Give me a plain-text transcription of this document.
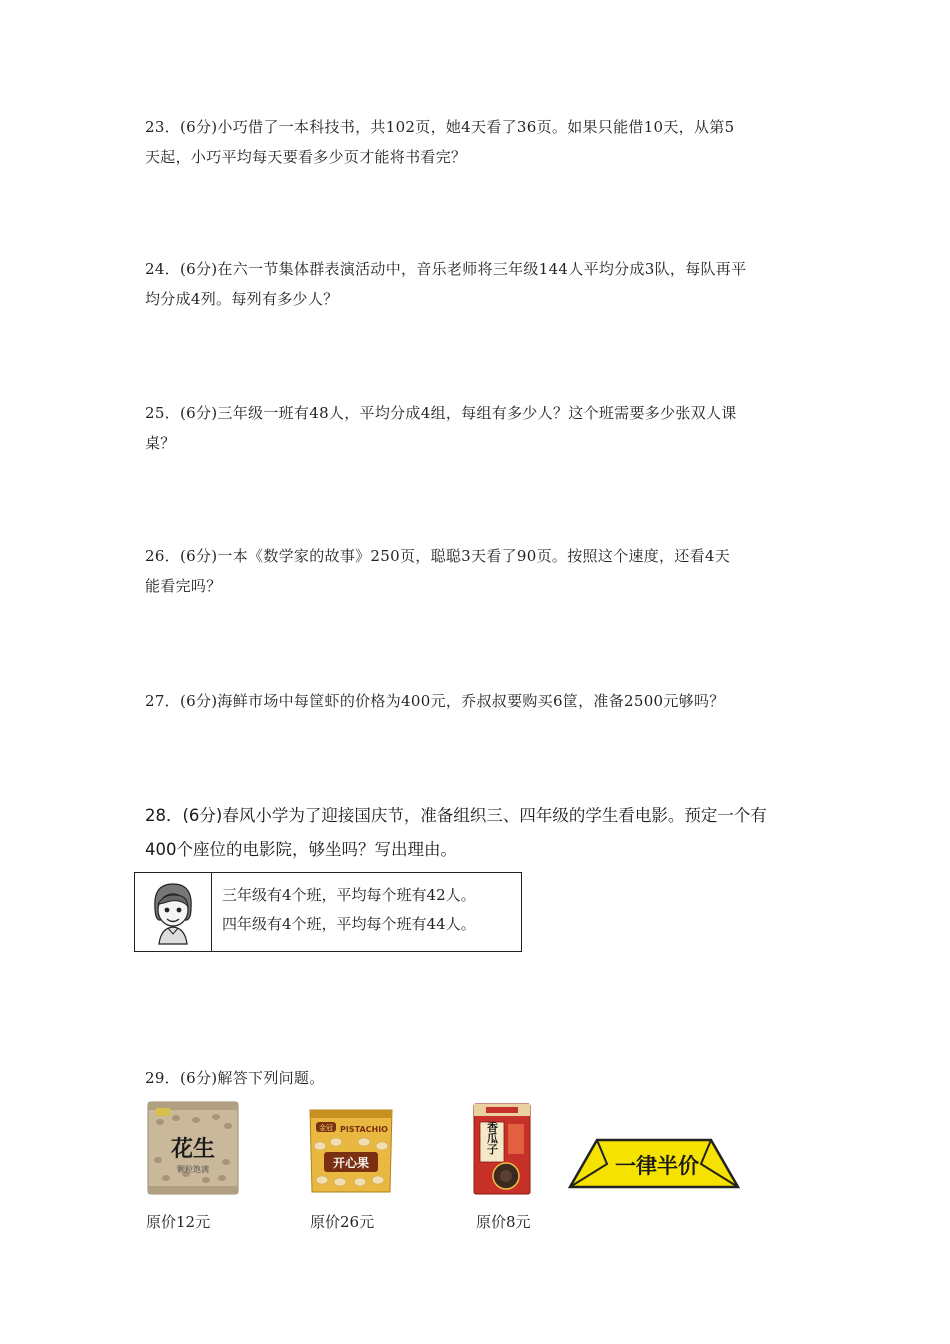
23．(6分)小巧借了一本科技书，共102页，她4天看了36页。如果只能借10天，从第5

天起，小巧平均每天要看多少页才能将书看完？

24．(6分)在六一节集体群表演活动中，音乐老师将三年级144人平均分成3队，每队再平

均分成4列。每列有多少人？

25．(6分)三年级一班有48人，平均分成4组，每组有多少人？这个班需要多少张双人课

桌？

26．(6分)一本《数学家的故事》250页，聪聪3天看了90页。按照这个速度，还看4天

能看完吗？

27．(6分)海鲜市场中每筐虾的价格为400元，乔叔叔要购买6筐，准备2500元够吗？

28．(6分)春风小学为了迎接国庆节，准备组织三、四年级的学生看电影。预定一个有

400个座位的电影院，够坐吗？写出理由。

三年级有4个班，平均每个班有42人。
四年级有4个班，平均每个班有44人。

29．(6分)解答下列问题。

花生
颗粒饱满
原价12元
金冠 PISTACHIO
开心果
原价26元
香瓜子
原价8元
一律半价
